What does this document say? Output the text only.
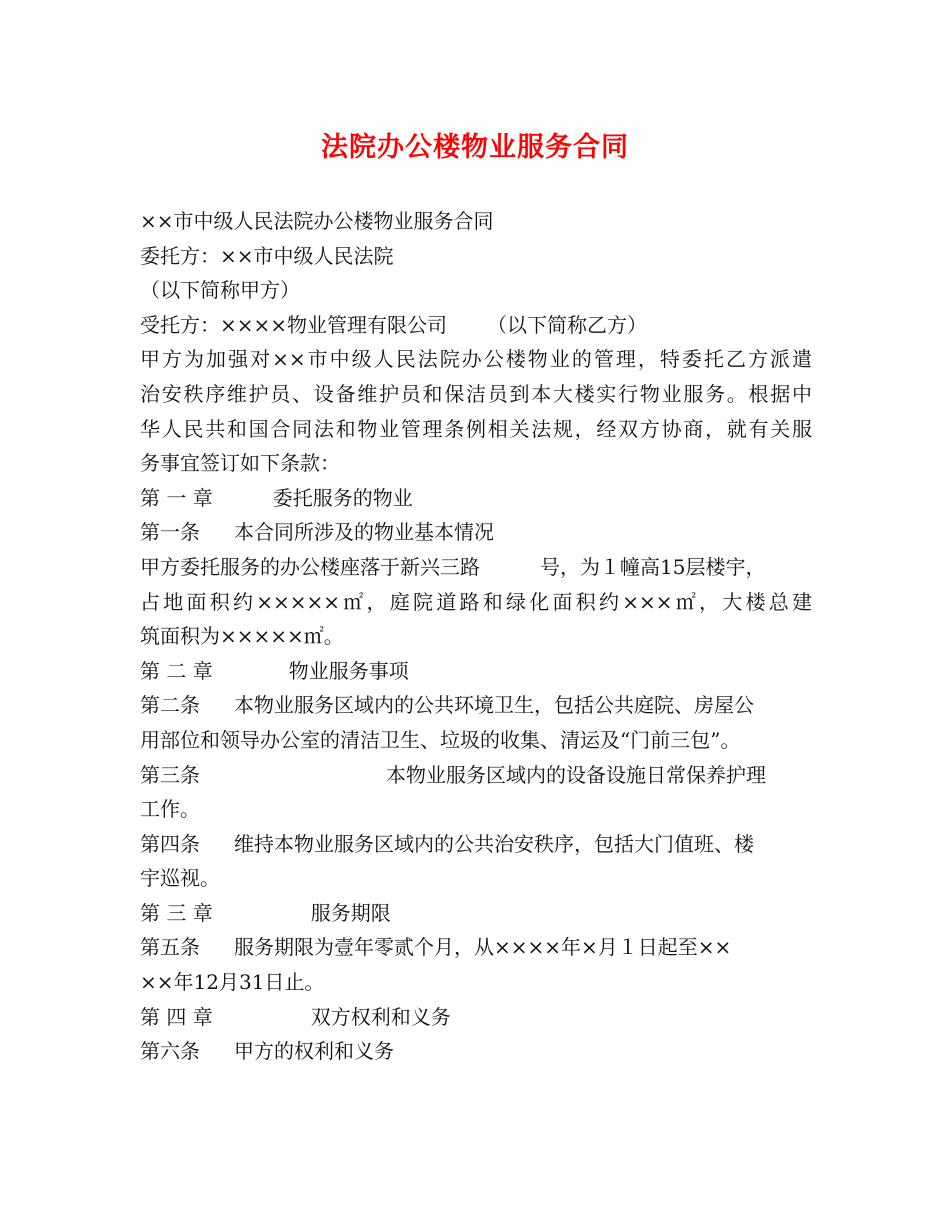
法院办公楼物业服务合同
××市中级人民法院办公楼物业服务合同
委托方：××市中级人民法院
（以下简称甲方）
受托方：××××物业管理有限公司 （以下简称乙方）
甲方为加强对××市中级人民法院办公楼物业的管理，特委托乙方派遣
治安秩序维护员、设备维护员和保洁员到本大楼实行物业服务。根据中
华人民共和国合同法和物业管理条例相关法规，经双方协商，就有关服
务事宜签订如下条款：
第 一 章	委托服务的物业
第一条 本合同所涉及的物业基本情况
甲方委托服务的办公楼座落于新兴三路	号，为１幢高15层楼宇，
占地面积约×××××㎡，庭院道路和绿化面积约×××㎡，大楼总建
筑面积为×××××㎡。
第 二 章	物业服务事项
第二条 本物业服务区域内的公共环境卫生，包括公共庭院、房屋公
用部位和领导办公室的清洁卫生、垃圾的收集、清运及“门前三包”。
第三条	本物业服务区域内的设备设施日常保养护理
工作。
第四条 维持本物业服务区域内的公共治安秩序，包括大门值班、楼
宇巡视。
第 三 章	服务期限
第五条 服务期限为壹年零贰个月，从××××年×月１日起至××
××年12月31日止。
第 四 章	双方权利和义务
第六条 甲方的权利和义务
